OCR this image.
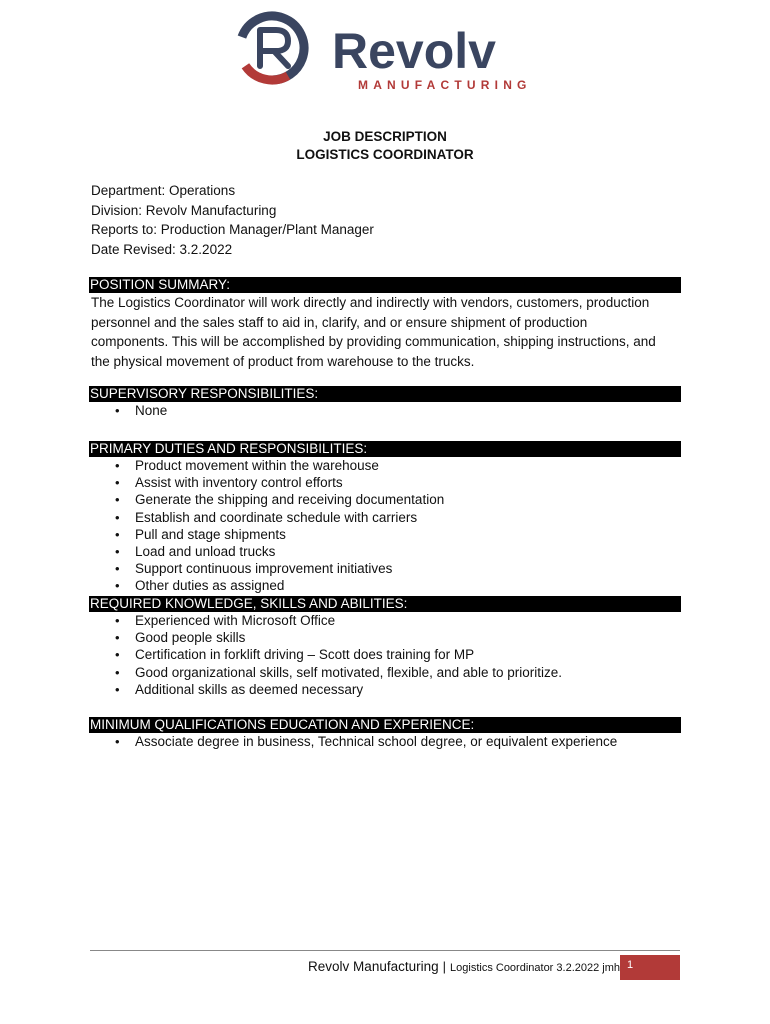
Revolv
MANUFACTURING
JOB DESCRIPTION
LOGISTICS COORDINATOR
Department: Operations
Division: Revolv Manufacturing
Reports to: Production Manager/Plant Manager
Date Revised: 3.2.2022
POSITION SUMMARY:
The Logistics Coordinator will work directly and indirectly with vendors, customers, production
personnel and the sales staff to aid in, clarify, and or ensure shipment of production
components. This will be accomplished by providing communication, shipping instructions, and
the physical movement of product from warehouse to the trucks.
SUPERVISORY RESPONSIBILITIES:
• None
PRIMARY DUTIES AND RESPONSIBILITIES:
• Product movement within the warehouse
• Assist with inventory control efforts
• Generate the shipping and receiving documentation
• Establish and coordinate schedule with carriers
• Pull and stage shipments
• Load and unload trucks
• Support continuous improvement initiatives
• Other duties as assigned
REQUIRED KNOWLEDGE, SKILLS AND ABILITIES:
• Experienced with Microsoft Office
• Good people skills
• Certification in forklift driving – Scott does training for MP
• Good organizational skills, self motivated, flexible, and able to prioritize.
• Additional skills as deemed necessary
MINIMUM QUALIFICATIONS EDUCATION AND EXPERIENCE:
• Associate degree in business, Technical school degree, or equivalent experience
Revolv Manufacturing | Logistics Coordinator 3.2.2022 jmh 1
